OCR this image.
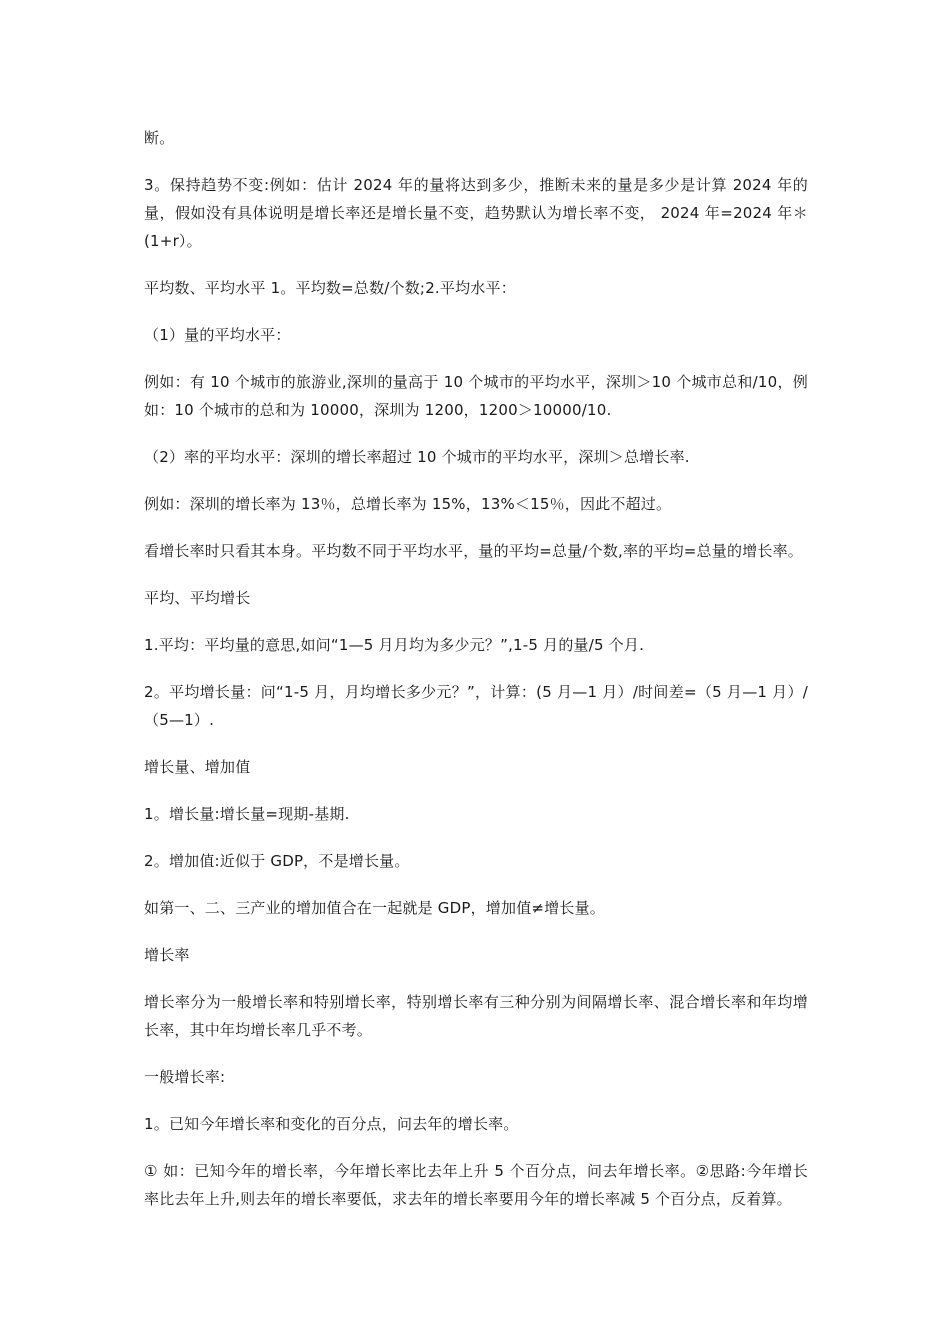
断。

3。保持趋势不变:例如：估计 2024 年的量将达到多少，推断未来的量是多少是计算 2024 年的量，假如没有具体说明是增长率还是增长量不变，趋势默认为增长率不变， 2024 年=2024 年＊(1+r）。

平均数、平均水平 1。平均数=总数/个数;2.平均水平：

（1）量的平均水平：

例如：有 10 个城市的旅游业,深圳的量高于 10 个城市的平均水平，深圳＞10 个城市总和/10，例如：10 个城市的总和为 10000，深圳为 1200，1200＞10000/10.

（2）率的平均水平：深圳的增长率超过 10 个城市的平均水平，深圳＞总增长率.

例如：深圳的增长率为 13％，总增长率为 15%，13%＜15％，因此不超过。

看增长率时只看其本身。平均数不同于平均水平，量的平均=总量/个数,率的平均=总量的增长率。

平均、平均增长

1.平均：平均量的意思,如问“1—5 月月均为多少元？”,1-5 月的量/5 个月.

2。平均增长量：问“1-5 月，月均增长多少元？”，计算：(5 月—1 月）/时间差=（5 月—1 月）/（5—1）.

增长量、增加值

1。增长量:增长量=现期-基期.

2。增加值:近似于 GDP，不是增长量。

如第一、二、三产业的增加值合在一起就是 GDP，增加值≠增长量。

增长率

增长率分为一般增长率和特别增长率，特别增长率有三种分别为间隔增长率、混合增长率和年均增长率，其中年均增长率几乎不考。

一般增长率:

1。已知今年增长率和变化的百分点，问去年的增长率。

① 如：已知今年的增长率，今年增长率比去年上升 5 个百分点，问去年增长率。②思路:今年增长率比去年上升,则去年的增长率要低，求去年的增长率要用今年的增长率减 5 个百分点，反着算。
